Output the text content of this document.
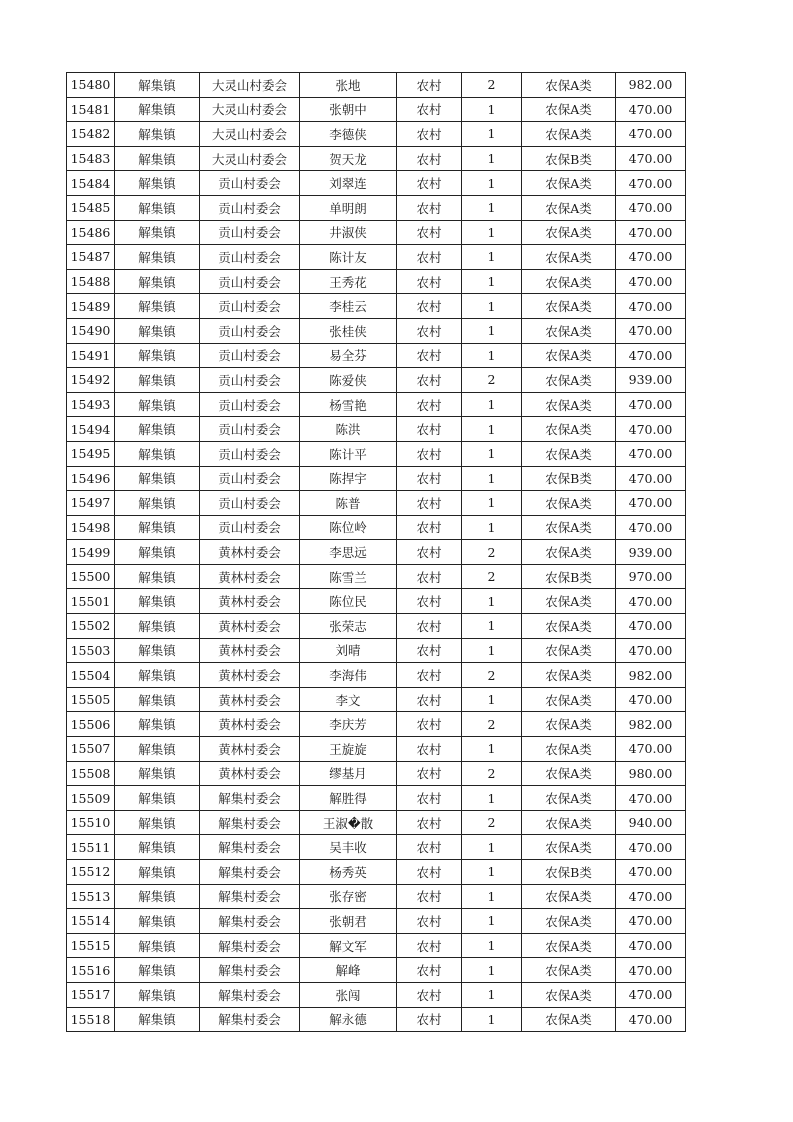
15480	解集镇	大灵山村委会	张地	农村	2	农保A类	982.00
15481	解集镇	大灵山村委会	张朝中	农村	1	农保A类	470.00
15482	解集镇	大灵山村委会	李德侠	农村	1	农保A类	470.00
15483	解集镇	大灵山村委会	贺天龙	农村	1	农保B类	470.00
15484	解集镇	贡山村委会	刘翠连	农村	1	农保A类	470.00
15485	解集镇	贡山村委会	单明朗	农村	1	农保A类	470.00
15486	解集镇	贡山村委会	井淑侠	农村	1	农保A类	470.00
15487	解集镇	贡山村委会	陈计友	农村	1	农保A类	470.00
15488	解集镇	贡山村委会	王秀花	农村	1	农保A类	470.00
15489	解集镇	贡山村委会	李桂云	农村	1	农保A类	470.00
15490	解集镇	贡山村委会	张桂侠	农村	1	农保A类	470.00
15491	解集镇	贡山村委会	易全芬	农村	1	农保A类	470.00
15492	解集镇	贡山村委会	陈爱侠	农村	2	农保A类	939.00
15493	解集镇	贡山村委会	杨雪艳	农村	1	农保A类	470.00
15494	解集镇	贡山村委会	陈洪	农村	1	农保A类	470.00
15495	解集镇	贡山村委会	陈计平	农村	1	农保A类	470.00
15496	解集镇	贡山村委会	陈捍宇	农村	1	农保B类	470.00
15497	解集镇	贡山村委会	陈普	农村	1	农保A类	470.00
15498	解集镇	贡山村委会	陈位岭	农村	1	农保A类	470.00
15499	解集镇	黄林村委会	李思远	农村	2	农保A类	939.00
15500	解集镇	黄林村委会	陈雪兰	农村	2	农保B类	970.00
15501	解集镇	黄林村委会	陈位民	农村	1	农保A类	470.00
15502	解集镇	黄林村委会	张荣志	农村	1	农保A类	470.00
15503	解集镇	黄林村委会	刘晴	农村	1	农保A类	470.00
15504	解集镇	黄林村委会	李海伟	农村	2	农保A类	982.00
15505	解集镇	黄林村委会	李文	农村	1	农保A类	470.00
15506	解集镇	黄林村委会	李庆芳	农村	2	农保A类	982.00
15507	解集镇	黄林村委会	王旋旋	农村	1	农保A类	470.00
15508	解集镇	黄林村委会	缪基月	农村	2	农保A类	980.00
15509	解集镇	解集村委会	解胜得	农村	1	农保A类	470.00
15510	解集镇	解集村委会	王淑�散	农村	2	农保A类	940.00
15511	解集镇	解集村委会	吴丰收	农村	1	农保A类	470.00
15512	解集镇	解集村委会	杨秀英	农村	1	农保B类	470.00
15513	解集镇	解集村委会	张存密	农村	1	农保A类	470.00
15514	解集镇	解集村委会	张朝君	农村	1	农保A类	470.00
15515	解集镇	解集村委会	解文军	农村	1	农保A类	470.00
15516	解集镇	解集村委会	解峰	农村	1	农保A类	470.00
15517	解集镇	解集村委会	张闯	农村	1	农保A类	470.00
15518	解集镇	解集村委会	解永德	农村	1	农保A类	470.00
